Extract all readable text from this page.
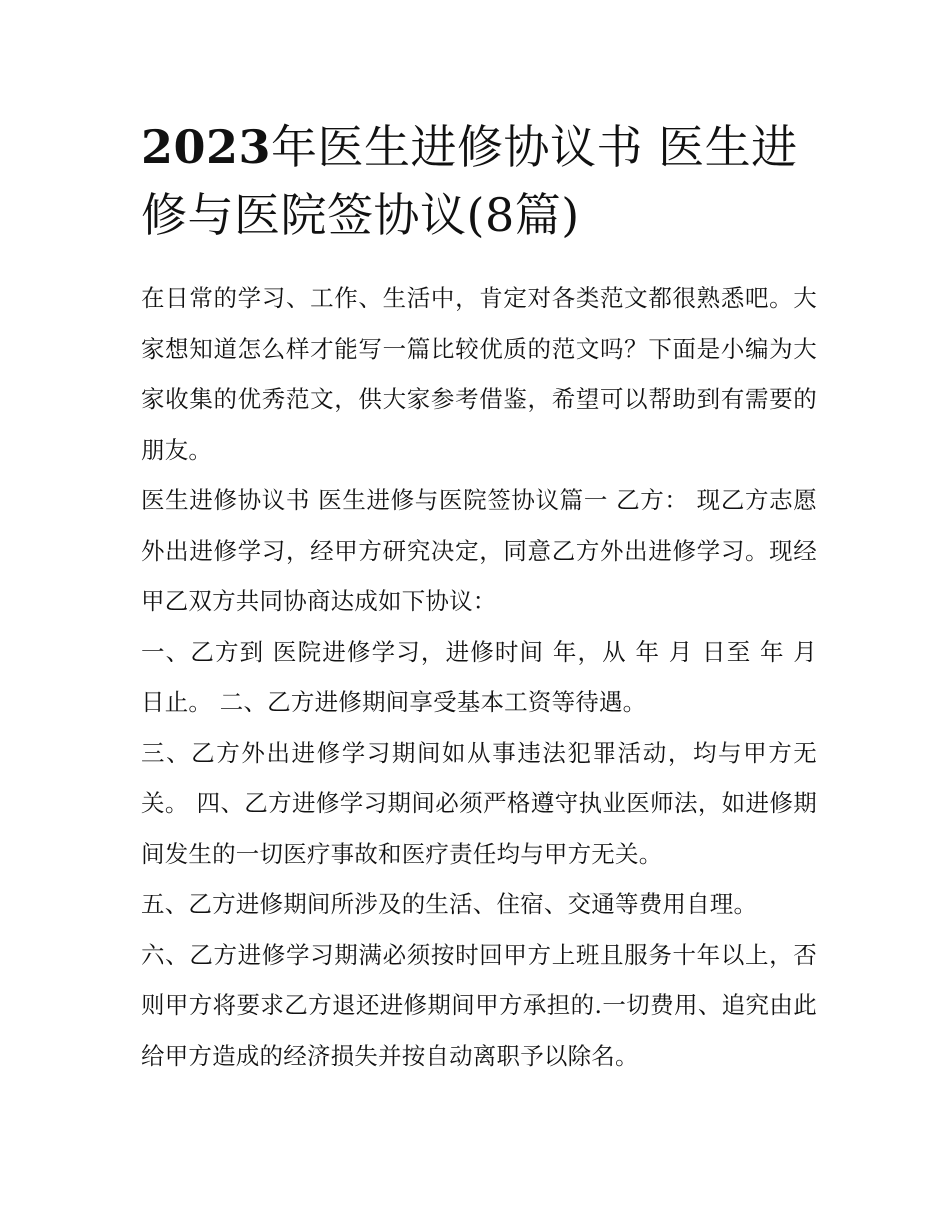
2023年医生进修协议书 医生进修与医院签协议(8篇)

在日常的学习、工作、生活中，肯定对各类范文都很熟悉吧。大家想知道怎么样才能写一篇比较优质的范文吗？下面是小编为大家收集的优秀范文，供大家参考借鉴，希望可以帮助到有需要的朋友。

医生进修协议书 医生进修与医院签协议篇一 乙方： 现乙方志愿外出进修学习，经甲方研究决定，同意乙方外出进修学习。现经甲乙双方共同协商达成如下协议：

一、乙方到 医院进修学习，进修时间 年，从 年 月 日至 年 月 日止。 二、乙方进修期间享受基本工资等待遇。

三、乙方外出进修学习期间如从事违法犯罪活动，均与甲方无关。 四、乙方进修学习期间必须严格遵守执业医师法，如进修期间发生的一切医疗事故和医疗责任均与甲方无关。

五、乙方进修期间所涉及的生活、住宿、交通等费用自理。

六、乙方进修学习期满必须按时回甲方上班且服务十年以上，否则甲方将要求乙方退还进修期间甲方承担的.一切费用、追究由此给甲方造成的经济损失并按自动离职予以除名。
